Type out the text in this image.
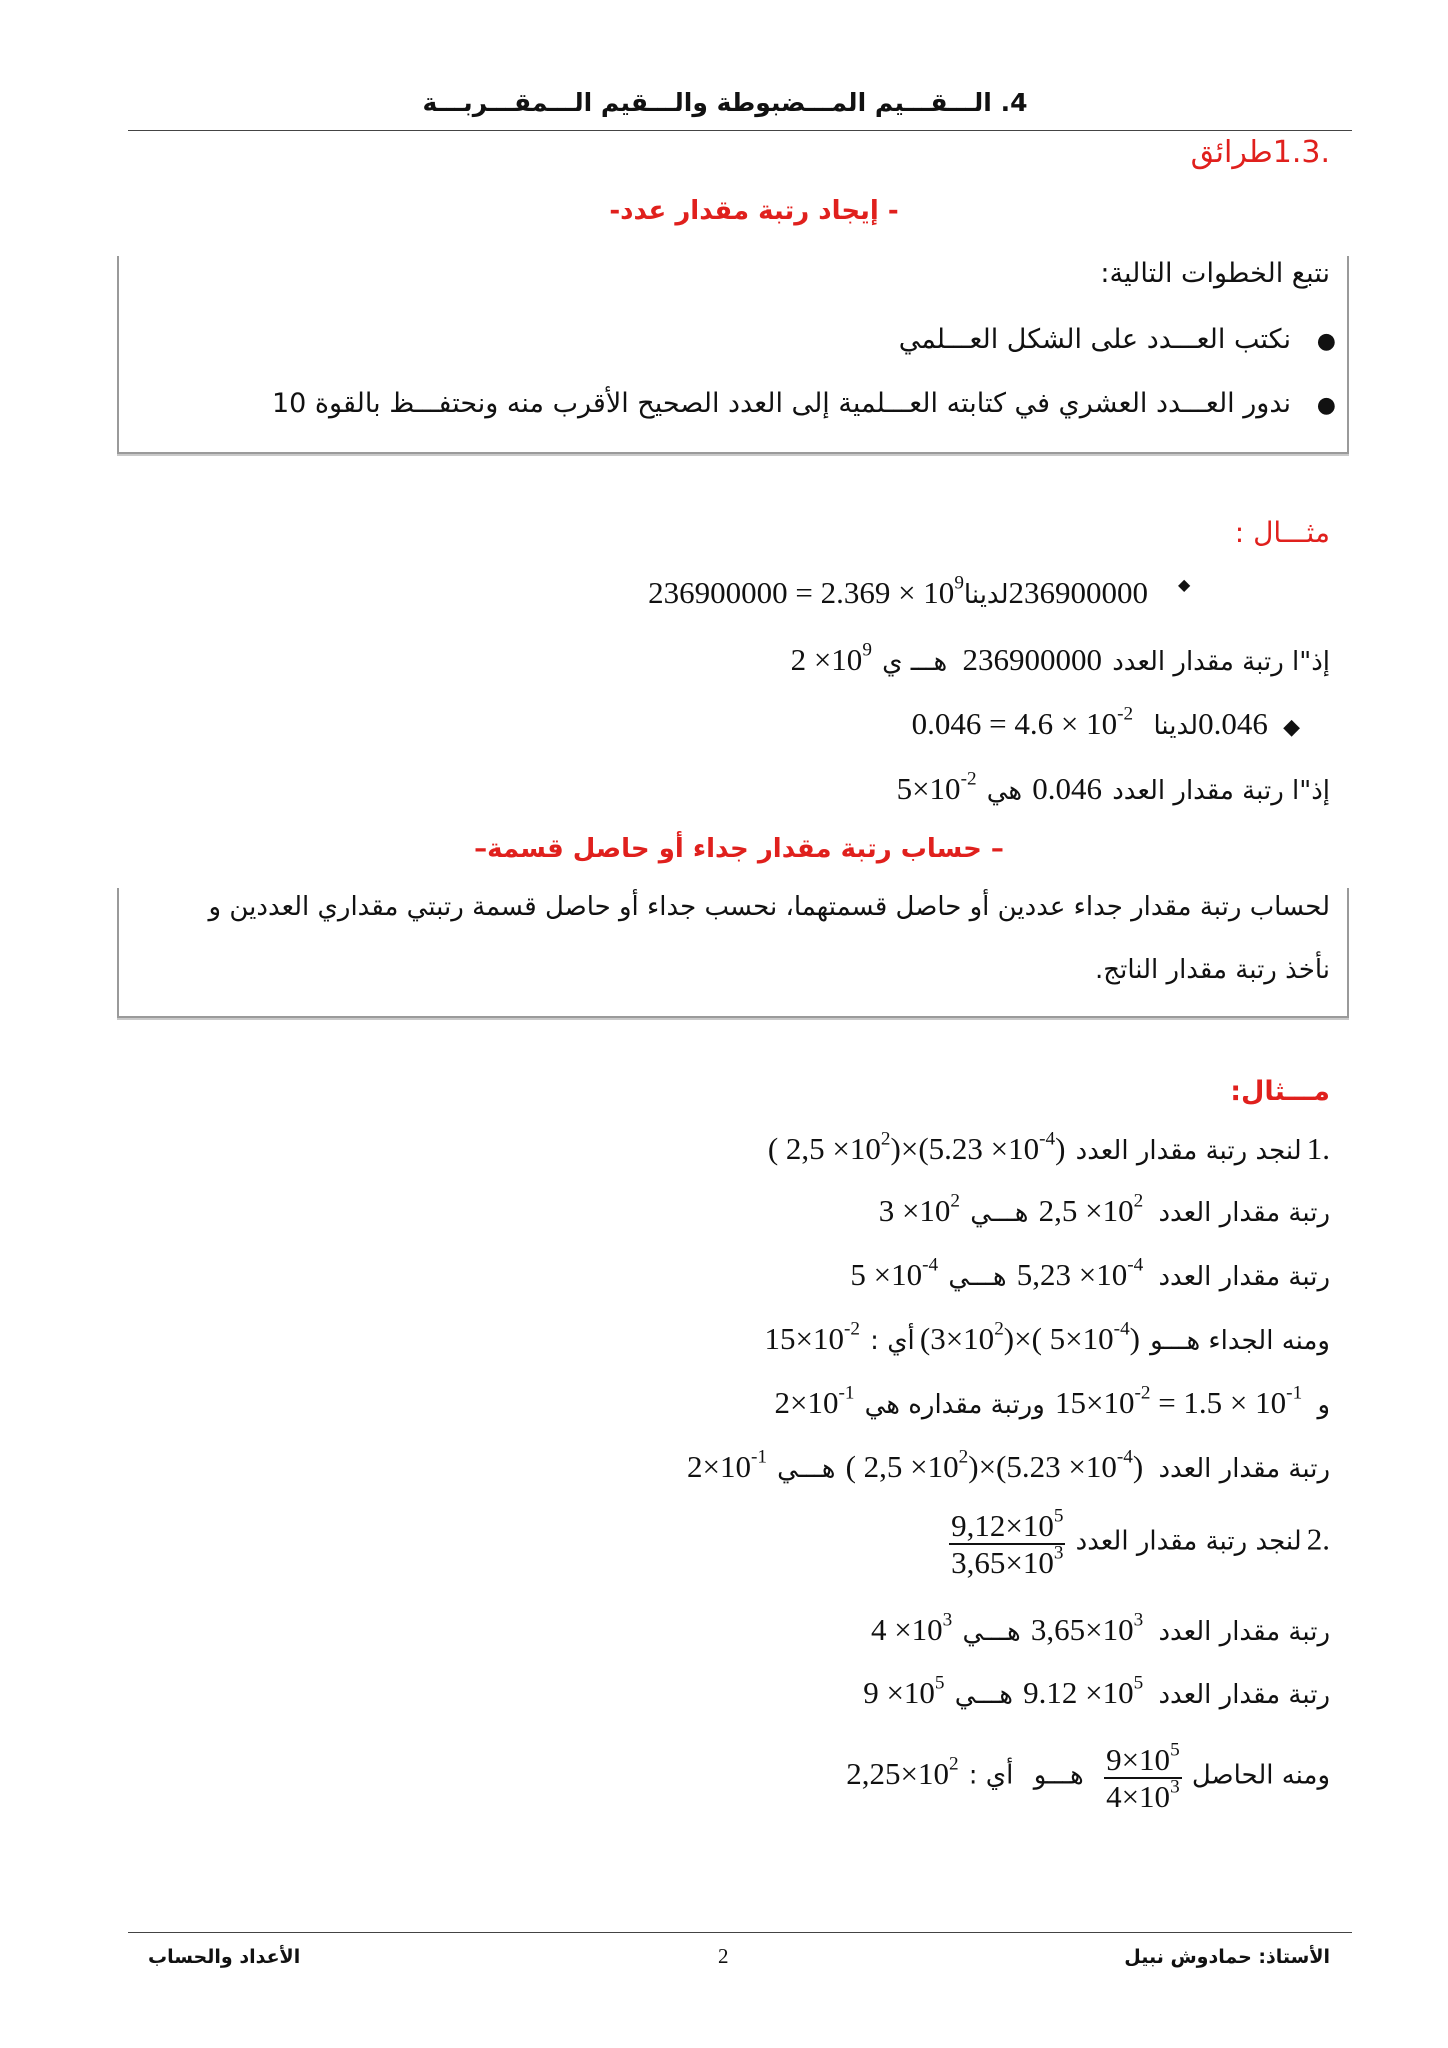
4. الـــقـــيم المـــضبوطة والـــقيم الـــمقـــربـــة
1.3.طرائق
- إيجاد رتبة مقدار عدد-
نتبع الخطوات التالية:
●   نكتب العـــدد على الشكل العـــلمي
●   ندور العـــدد العشري في كتابته العـــلمية إلى العدد الصحيح الأقرب منه ونحتفـــظ بالقوة 10
مثـــال :
236900000لدينا236900000 = $2.369 \times 10^9$	◆
إذ"ا رتبة مقدار العدد  236900000   هـــ ي  $2 \times 10^9$
◆   0.046لدينا    $0.046 = 4.6 \times 10^{-2}$
إذ"ا رتبة مقدار العدد  0.046  هي  $5\times 10^{-2}$
– حساب رتبة مقدار جداء أو حاصل قسمة–
لحساب رتبة مقدار جداء عددين أو حاصل قسمتهما، نحسب جداء أو حاصل قسمة رتبتي مقداري العددين و
نأخذ رتبة مقدار الناتج.
مـــثال:
1. لنجد رتبة مقدار العدد  ( $2,5 \times 10^2)\times(5.23 \times 10^{-4})$
رتبة مقدار العدد   $2,5 \times 10^2$  هـــي  $3 \times 10^2$
رتبة مقدار العدد   $5,23 \times 10^{-4}$  هـــي  $5 \times 10^{-4}$
ومنه الجداء هـــو  $(3\times 10^2)\times$( $5\times 10^{-4}$) أي :  $15\times 10^{-2}$
و   $15\times 10^{-2} = 1.5 \times 10^{-1}$  ورتبة مقداره هي  $2\times 10^{-1}$
رتبة مقدار العدد   ( $2,5 \times 10^2)\times(5.23 \times 10^{-4})$  هـــي  $2\times 10^{-1}$
2. لنجد رتبة مقدار العدد
$\frac{9,12\times 10^5}{3,65\times 10^3}$
رتبة مقدار العدد   $3,65\times 10^3$  هـــي  $4 \times 10^3$
رتبة مقدار العدد   $9.12 \times 10^5$  هـــي  $9 \times 10^5$
ومنه الحاصل
$\frac{9\times 10^5}{4\times 10^3}$
هـــو    أي :  $2,25\times 10^2$
الأستاذ: حمادوش نبيل
2
الأعداد والحساب
